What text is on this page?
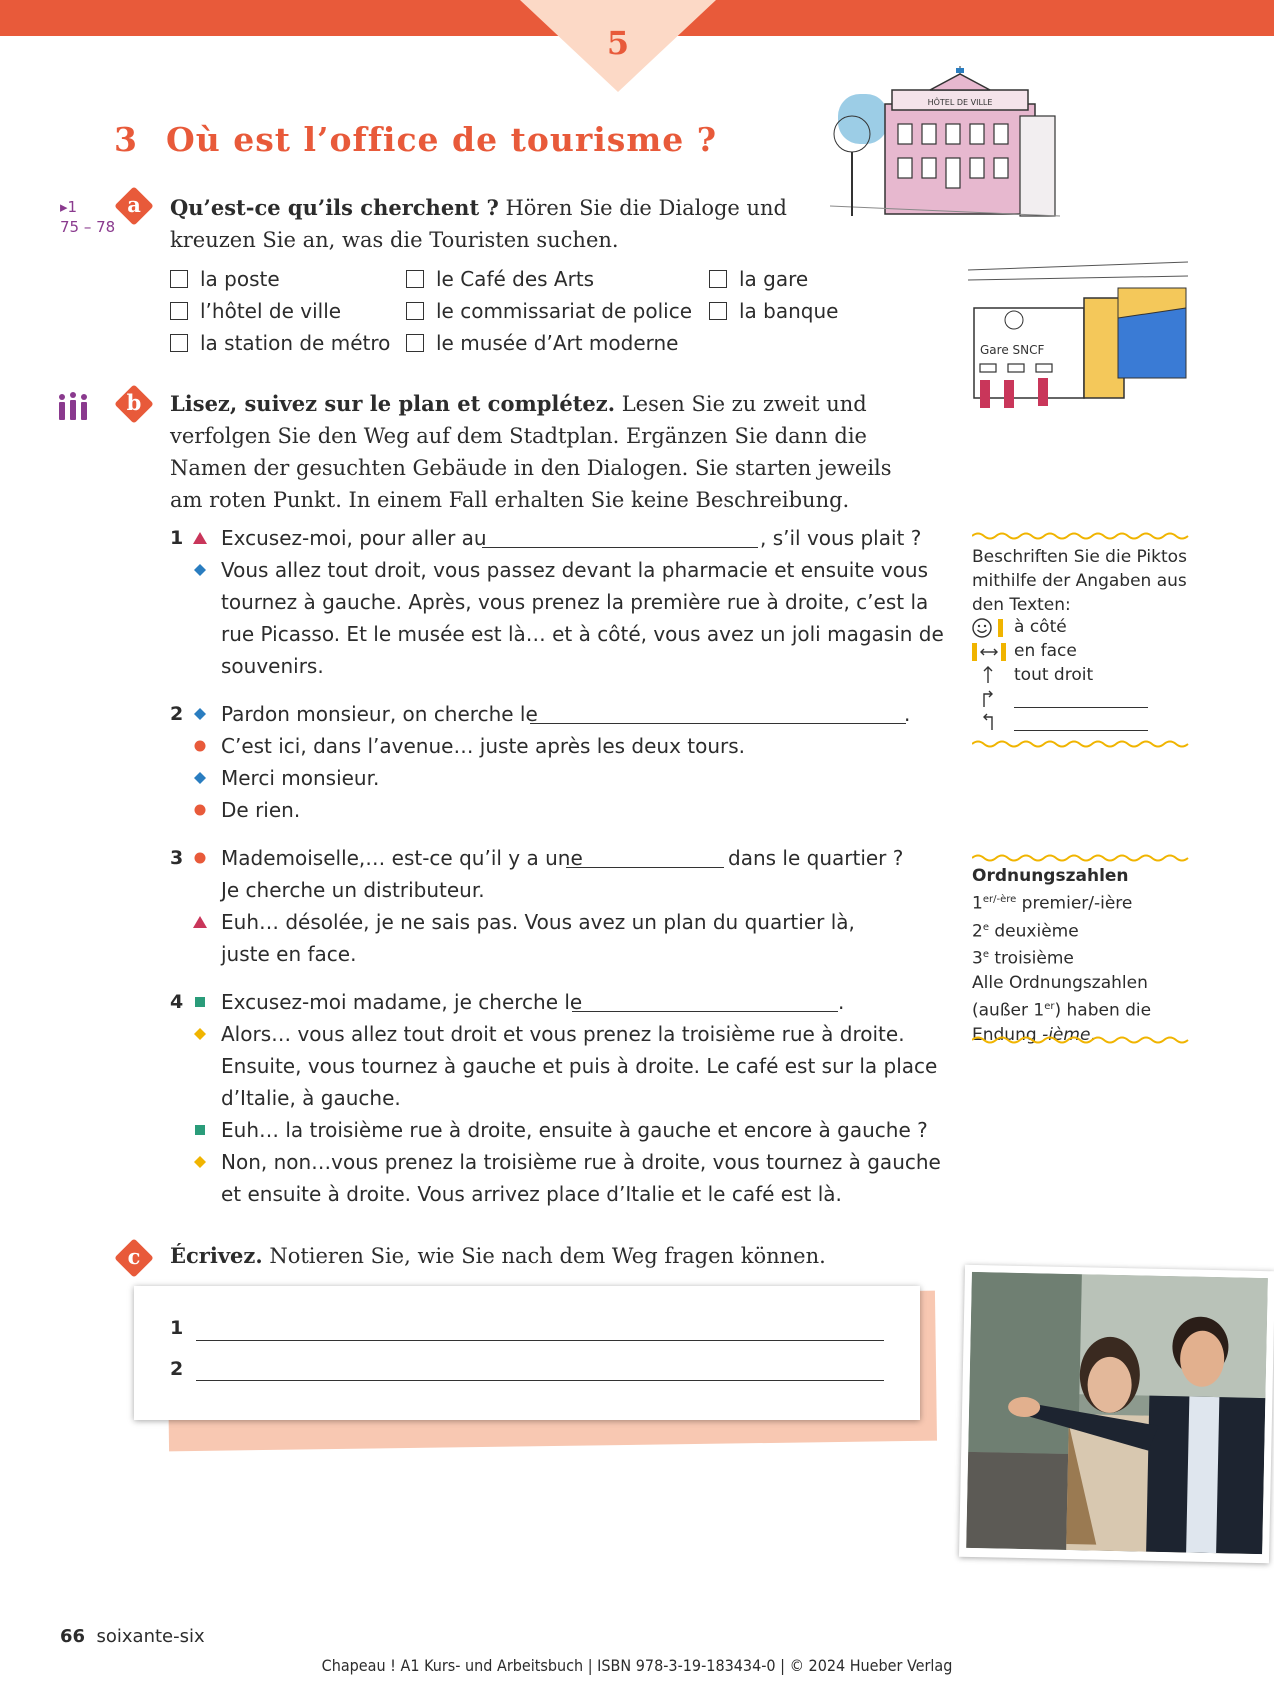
5
3 Où est l’office de tourisme ?
HÔTEL DE VILLE
Gare SNCF
▸1
75 – 78
a	Qu’est-ce qu’ils cherchent ? Hören Sie die Dialoge und
kreuzen Sie an, was die Touristen suchen.
la poste
l’hôtel de ville
la station de métro
le Café des Arts
le commissariat de police
le musée d’Art moderne
la gare
la banque
b	Lisez, suivez sur le plan et complétez. Lesen Sie zu zweit und
verfolgen Sie den Weg auf dem Stadtplan. Ergänzen Sie dann die
Namen der gesuchten Gebäude in den Dialogen. Sie starten jeweils
am roten Punkt. In einem Fall erhalten Sie keine Beschreibung.
1 Excusez-moi, pour aller au	, s’il vous plait ?
Vous allez tout droit, vous passez devant la pharmacie et ensuite vous
tournez à gauche. Après, vous prenez la première rue à droite, c’est la
rue Picasso. Et le musée est là… et à côté, vous avez un joli magasin de
souvenirs.
2 Pardon monsieur, on cherche le	.
C’est ici, dans l’avenue… juste après les deux tours.
Merci monsieur.
De rien.
3 Mademoiselle,… est-ce qu’il y a une	dans le quartier ?
Je cherche un distributeur.
Euh… désolée, je ne sais pas. Vous avez un plan du quartier là,
juste en face.
4 Excusez-moi madame, je cherche le	.
Alors… vous allez tout droit et vous prenez la troisième rue à droite.
Ensuite, vous tournez à gauche et puis à droite. Le café est sur la place
d’Italie, à gauche.
Euh… la troisième rue à droite, ensuite à gauche et encore à gauche ?
Non, non…vous prenez la troisième rue à droite, vous tournez à gauche
et ensuite à droite. Vous arrivez place d’Italie et le café est là.
Beschriften Sie die Piktos
mithilfe der Angaben aus
den Texten:
à côté
en face
tout droit
Ordnungszahlen
$1^{er/-ère}$ premier/-ière
2e deuxième
3e troisième
Alle Ordnungszahlen
(außer 1er) haben die
Endung -ième.
c	Écrivez. Notieren Sie, wie Sie nach dem Weg fragen können.
1
2
66 soixante-six
Chapeau ! A1 Kurs- und Arbeitsbuch | ISBN 978-3-19-183434-0 | © 2024 Hueber Verlag
